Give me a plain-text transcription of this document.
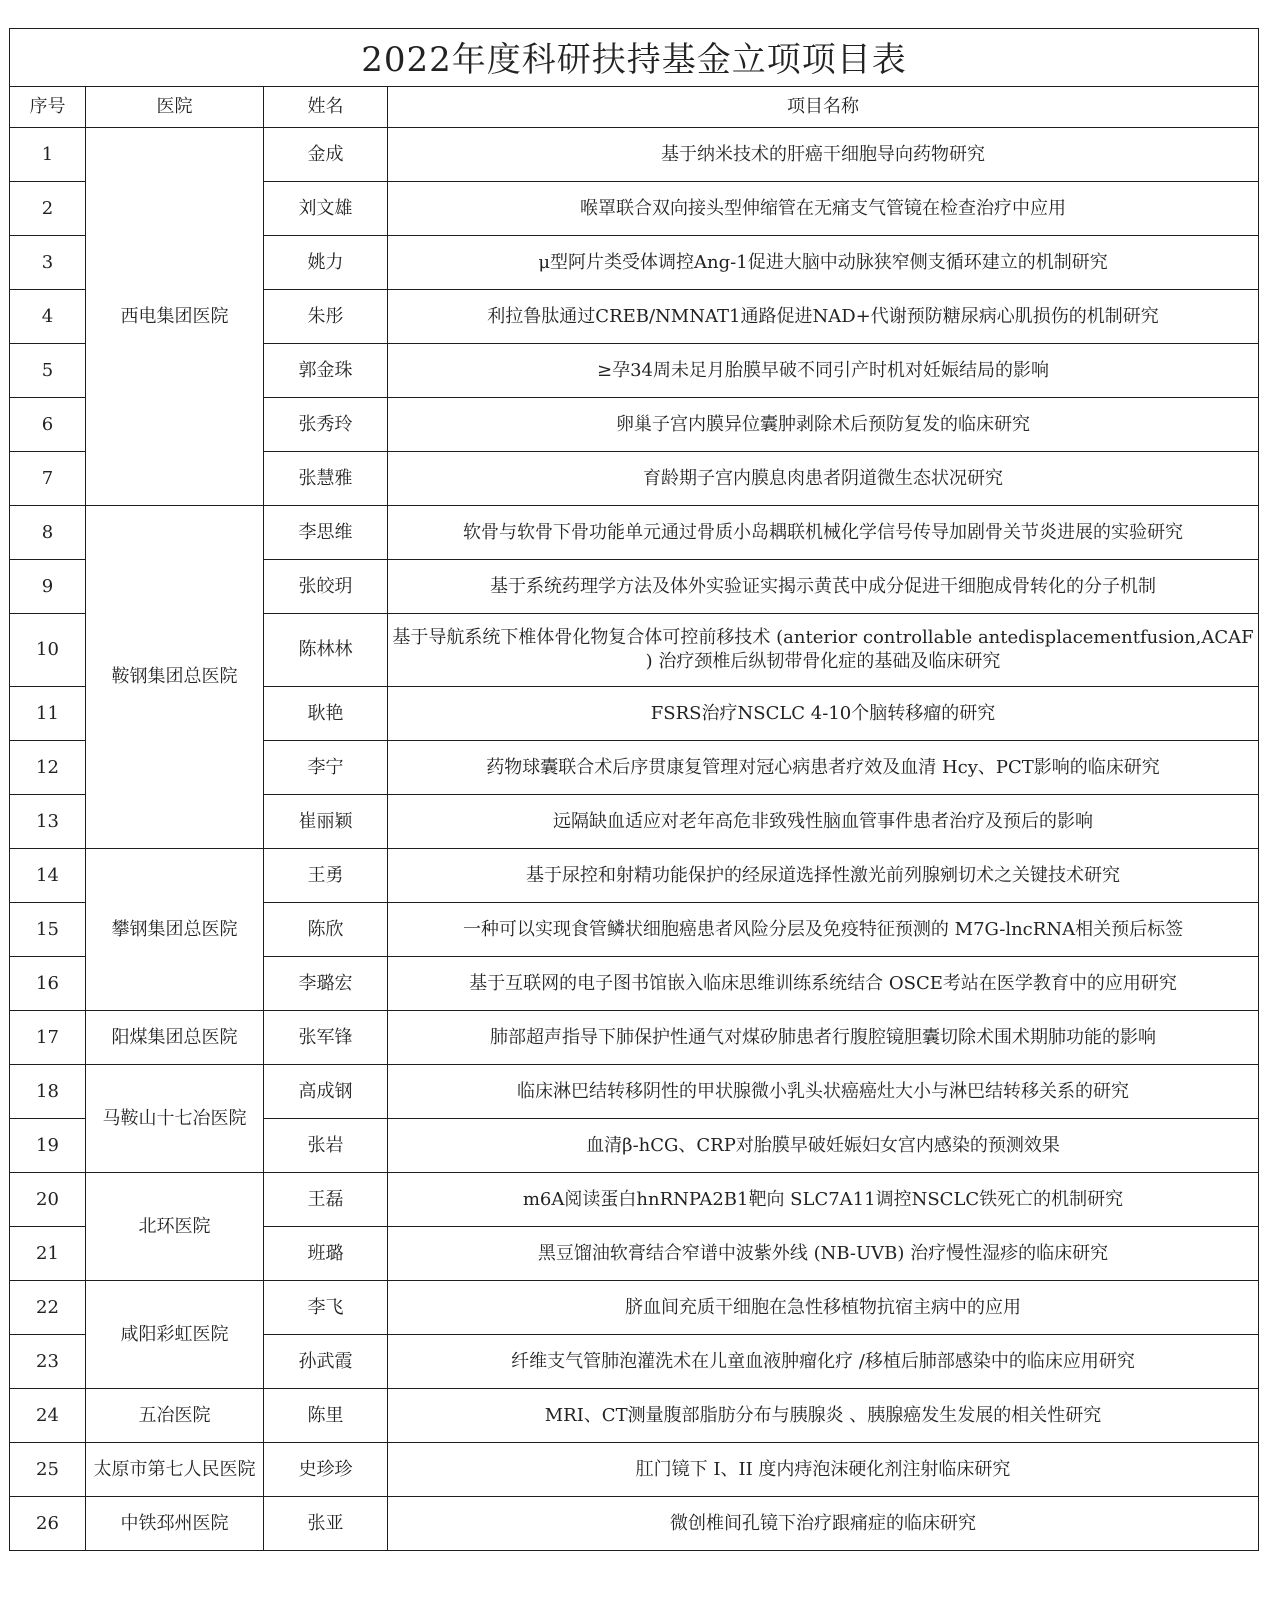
2022年度科研扶持基金立项项目表			
序号	医院	姓名	项目名称
1	西电集团医院	金成	基于纳米技术的肝癌干细胞导向药物研究
2		刘文雄	喉罩联合双向接头型伸缩管在无痛支气管镜在检查治疗中应用
3		姚力	μ型阿片类受体调控Ang-1促进大脑中动脉狭窄侧支循环建立的机制研究
4		朱彤	利拉鲁肽通过CREB/NMNAT1通路促进NAD+代谢预防糖尿病心肌损伤的机制研究
5		郭金珠	≥孕34周未足月胎膜早破不同引产时机对妊娠结局的影响
6		张秀玲	卵巢子宫内膜异位囊肿剥除术后预防复发的临床研究
7		张慧雅	育龄期子宫内膜息肉患者阴道微生态状况研究
8	鞍钢集团总医院	李思维	软骨与软骨下骨功能单元通过骨质小岛耦联机械化学信号传导加剧骨关节炎进展的实验研究
9		张皎玥	基于系统药理学方法及体外实验证实揭示黄芪中成分促进干细胞成骨转化的分子机制
10		陈林林	基于导航系统下椎体骨化物复合体可控前移技术 (anterior controllable antedisplacementfusion,ACAF ) 治疗颈椎后纵韧带骨化症的基础及临床研究
11		耿艳	FSRS治疗NSCLC 4-10个脑转移瘤的研究
12		李宁	药物球囊联合术后序贯康复管理对冠心病患者疗效及血清 Hcy、PCT影响的临床研究
13		崔丽颖	远隔缺血适应对老年高危非致残性脑血管事件患者治疗及预后的影响
14	攀钢集团总医院	王勇	基于尿控和射精功能保护的经尿道选择性激光前列腺剜切术之关键技术研究
15		陈欣	一种可以实现食管鳞状细胞癌患者风险分层及免疫特征预测的 M7G-lncRNA相关预后标签
16		李璐宏	基于互联网的电子图书馆嵌入临床思维训练系统结合 OSCE考站在医学教育中的应用研究
17	阳煤集团总医院	张军锋	肺部超声指导下肺保护性通气对煤矽肺患者行腹腔镜胆囊切除术围术期肺功能的影响
18	马鞍山十七冶医院	高成钢	临床淋巴结转移阴性的甲状腺微小乳头状癌癌灶大小与淋巴结转移关系的研究
19		张岩	血清β-hCG、CRP对胎膜早破妊娠妇女宫内感染的预测效果
20	北环医院	王磊	m6A阅读蛋白hnRNPA2B1靶向 SLC7A11调控NSCLC铁死亡的机制研究
21		班璐	黑豆馏油软膏结合窄谱中波紫外线 (NB-UVB) 治疗慢性湿疹的临床研究
22	咸阳彩虹医院	李飞	脐血间充质干细胞在急性移植物抗宿主病中的应用
23		孙武霞	纤维支气管肺泡灌洗术在儿童血液肿瘤化疗 /移植后肺部感染中的临床应用研究
24	五冶医院	陈里	MRI、CT测量腹部脂肪分布与胰腺炎 、胰腺癌发生发展的相关性研究
25	太原市第七人民医院	史珍珍	肛门镜下 I、II 度内痔泡沫硬化剂注射临床研究
26	中铁邳州医院	张亚	微创椎间孔镜下治疗跟痛症的临床研究
